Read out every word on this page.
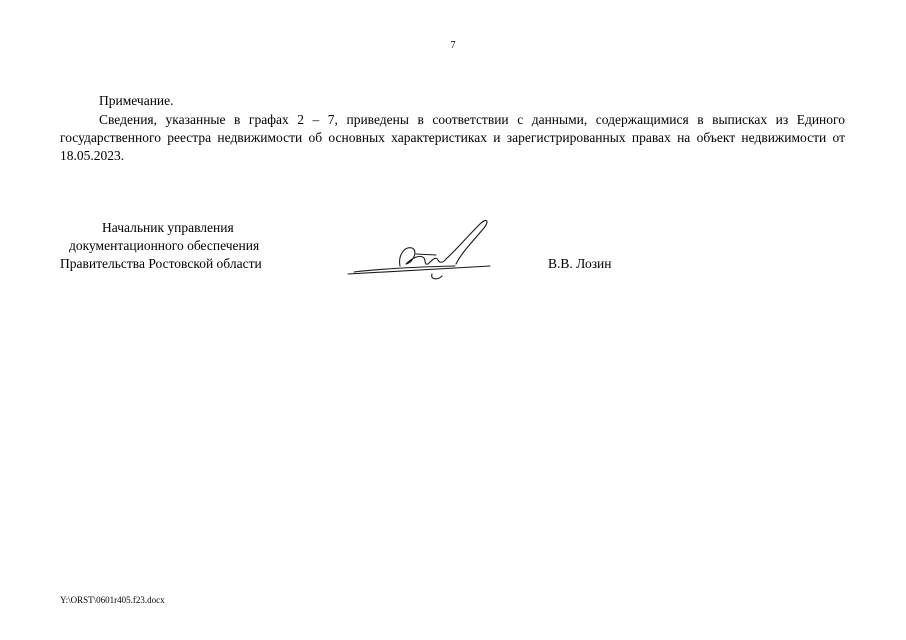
7
Примечание.
Сведения, указанные в графах 2 – 7, приведены в соответствии с данными, содержащимися в выписках из Единого государственного реестра недвижимости об основных характеристиках и зарегистрированных правах на объект недвижимости от 18.05.2023.
Начальник управления
документационного обеспечения
Правительства Ростовской области	В.В. Лозин
Y:\ORST\0601r405.f23.docx
